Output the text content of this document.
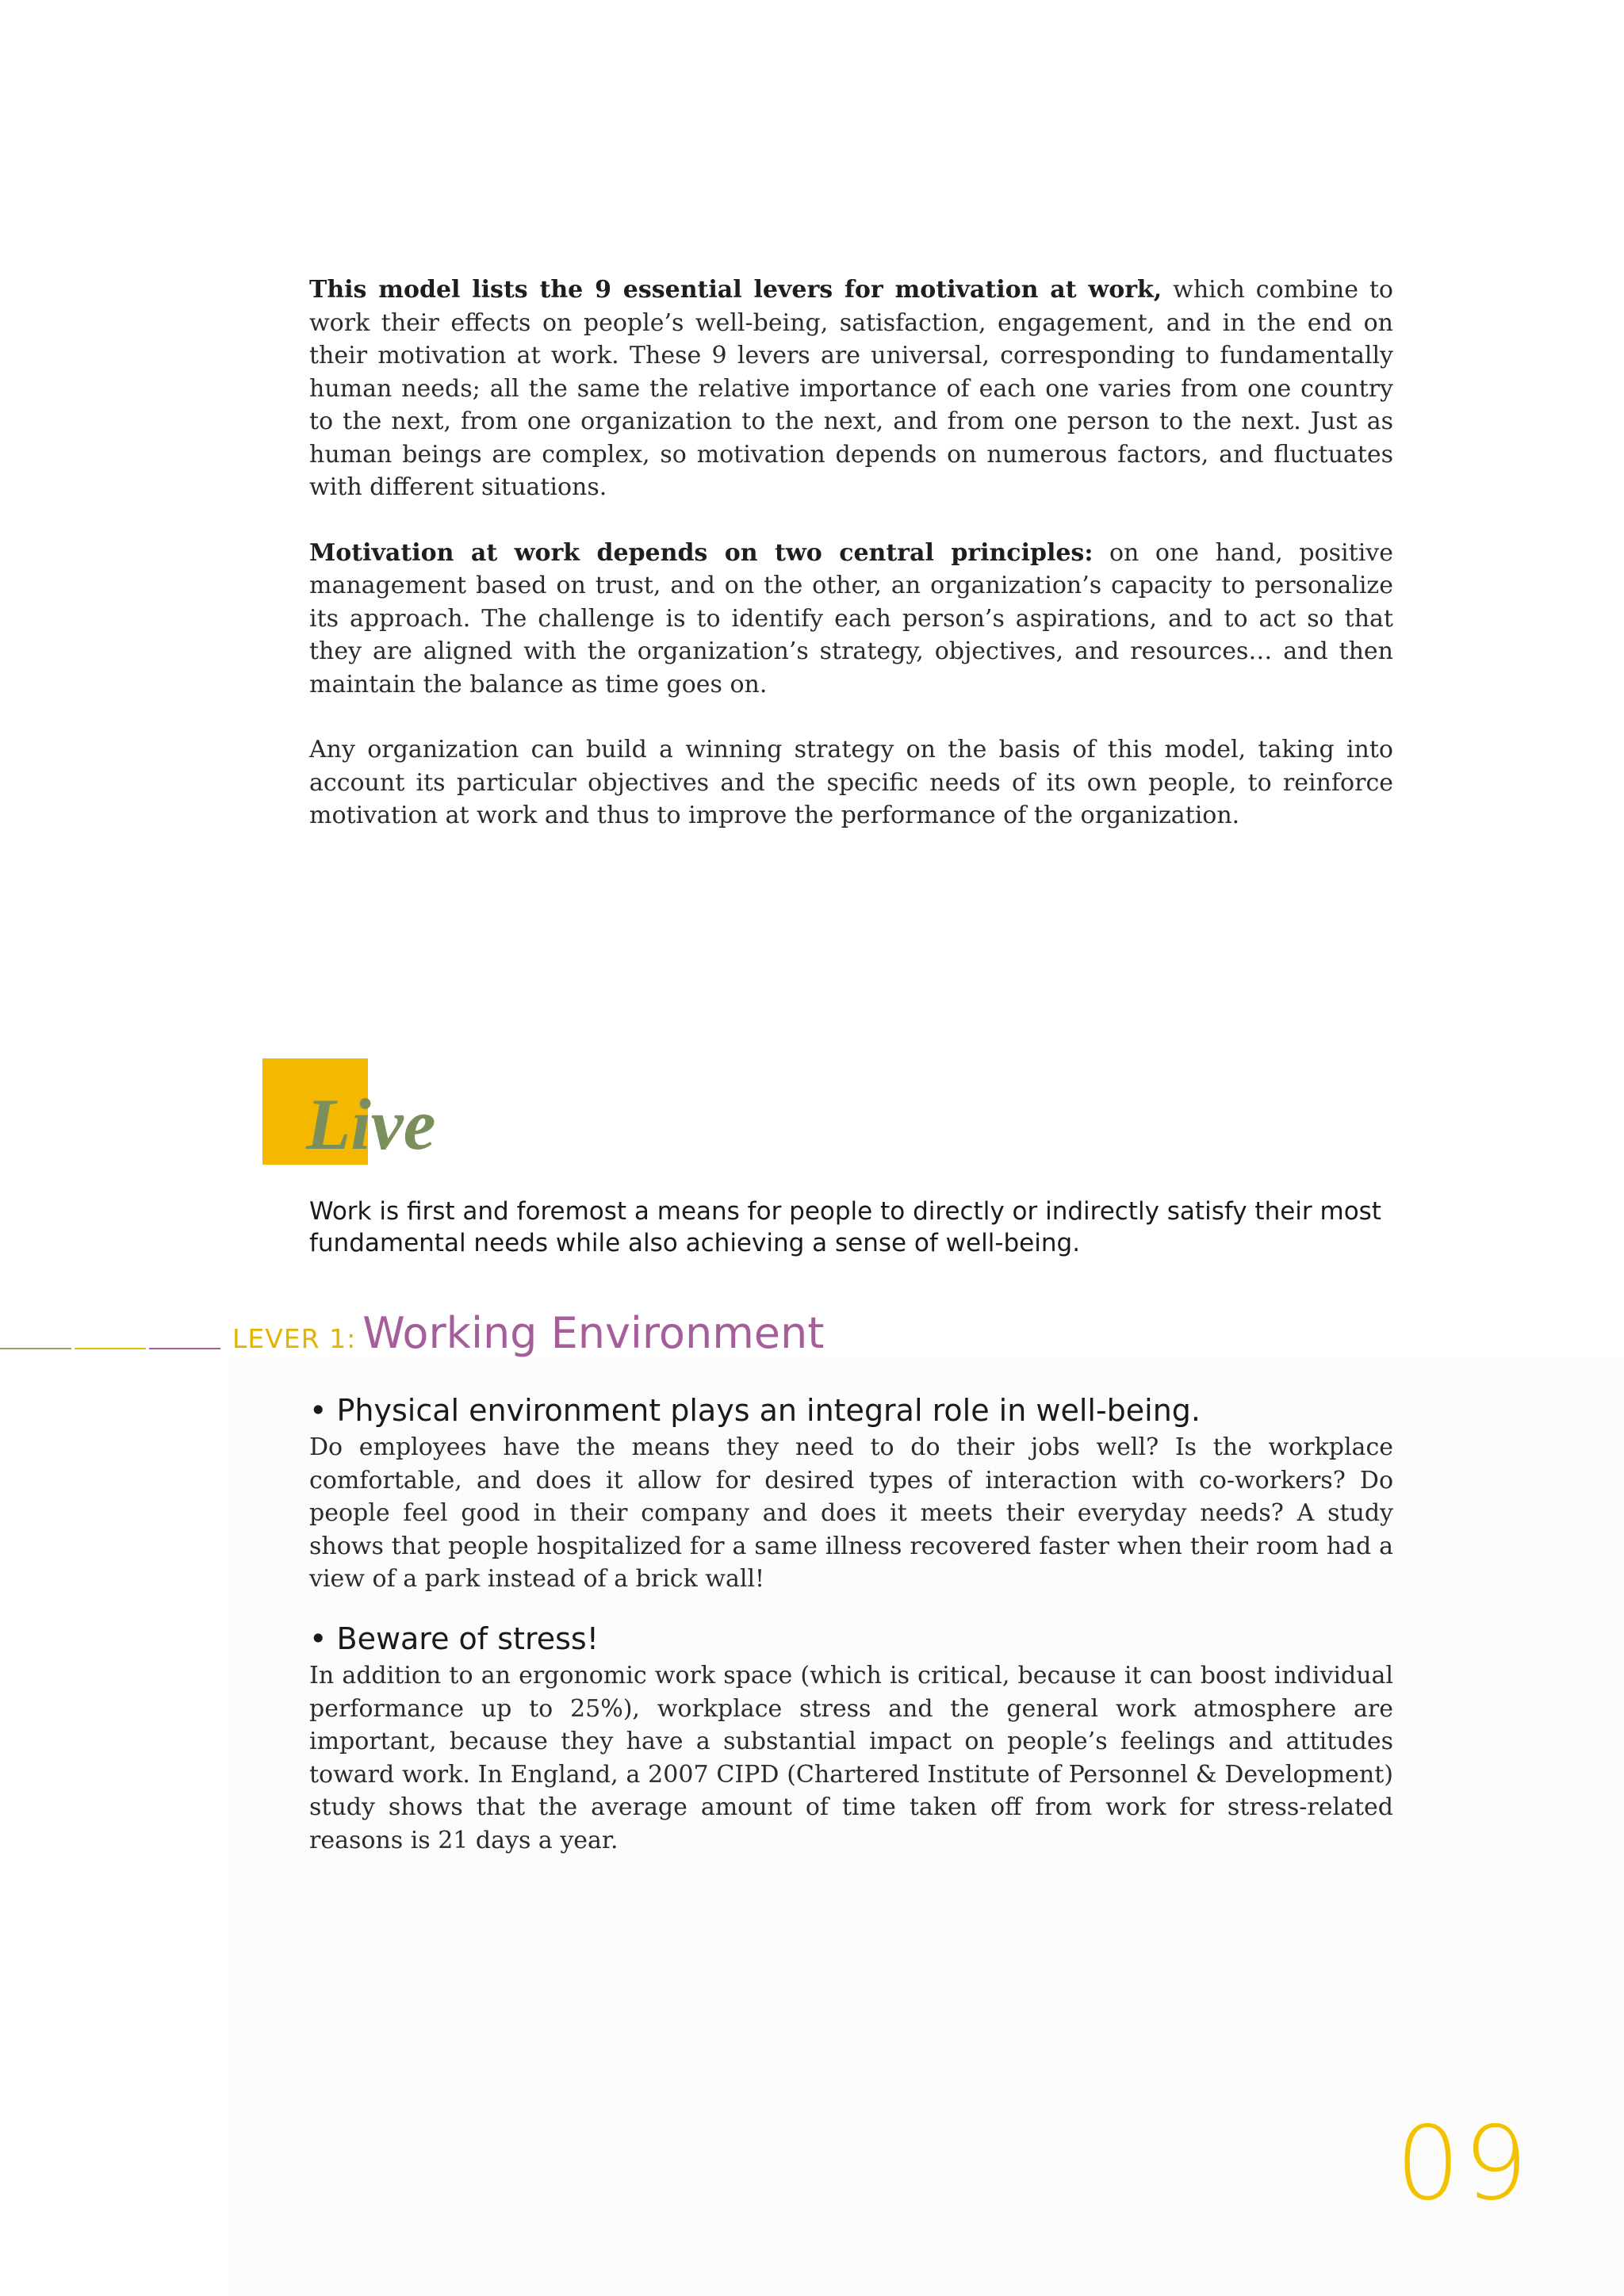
This model lists the 9 essential levers for motivation at work, which combine to work their effects on people’s well-being, satisfaction, engagement, and in the end on their motivation at work. These 9 levers are universal, corresponding to fundamentally human needs; all the same the relative importance of each one varies from one country to the next, from one organization to the next, and from one person to the next. Just as human beings are complex, so motivation depends on numerous factors, and fluctuates with different situations.

Motivation at work depends on two central principles: on one hand, positive management based on trust, and on the other, an organization’s capacity to personalize its approach. The challenge is to identify each person’s aspirations, and to act so that they are aligned with the organization’s strategy, objectives, and resources… and then maintain the balance as time goes on.

Any organization can build a winning strategy on the basis of this model, taking into account its particular objectives and the specific needs of its own people, to reinforce motivation at work and thus to improve the performance of the organization.

Live

Work is first and foremost a means for people to directly or indirectly satisfy their most fundamental needs while also achieving a sense of well-being.

LEVER 1: Working Environment

• Physical environment plays an integral role in well-being.

Do employees have the means they need to do their jobs well? Is the workplace comfortable, and does it allow for desired types of interaction with co-workers? Do people feel good in their company and does it meets their everyday needs? A study shows that people hospitalized for a same illness recovered faster when their room had a view of a park instead of a brick wall!

• Beware of stress!

In addition to an ergonomic work space (which is critical, because it can boost individual performance up to 25%), workplace stress and the general work atmosphere are important, because they have a substantial impact on people’s feelings and attitudes toward work. In England, a 2007 CIPD (Chartered Institute of Personnel & Development) study shows that the average amount of time taken off from work for stress-related reasons is 21 days a year.

09
